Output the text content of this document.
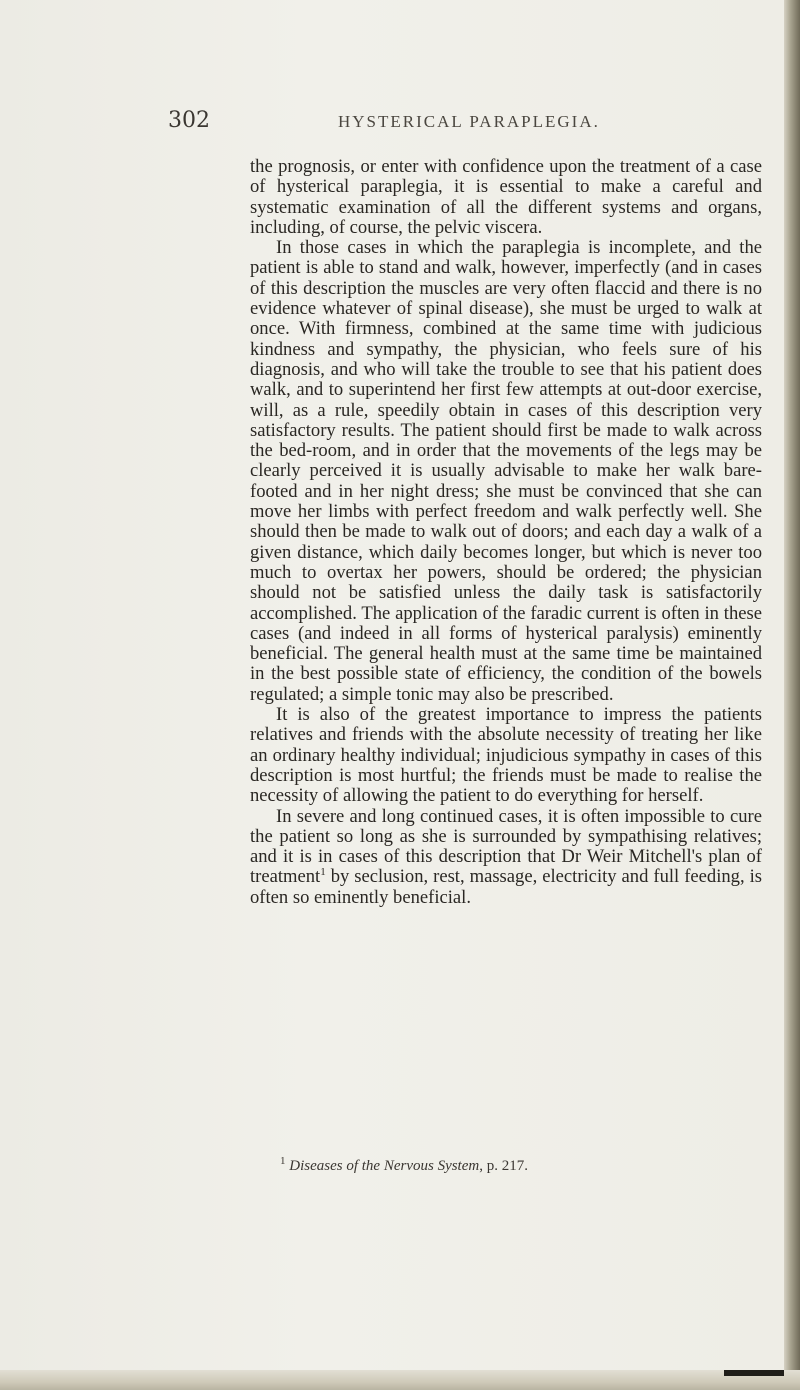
302	HYSTERICAL PARAPLEGIA.

the prognosis, or enter with confidence upon the treatment of a case of hysterical paraplegia, it is essential to make a careful and systematic examination of all the different systems and organs, including, of course, the pelvic viscera.

In those cases in which the paraplegia is incomplete, and the patient is able to stand and walk, however, imperfectly (and in cases of this description the muscles are very often flaccid and there is no evidence whatever of spinal disease), she must be urged to walk at once. With firmness, combined at the same time with judicious kindness and sympathy, the physician, who feels sure of his diagnosis, and who will take the trouble to see that his patient does walk, and to superintend her first few attempts at out-door exercise, will, as a rule, speedily obtain in cases of this description very satisfactory results. The patient should first be made to walk across the bed-room, and in order that the movements of the legs may be clearly perceived it is usually advisable to make her walk bare-footed and in her night dress; she must be convinced that she can move her limbs with perfect freedom and walk perfectly well. She should then be made to walk out of doors; and each day a walk of a given distance, which daily becomes longer, but which is never too much to overtax her powers, should be ordered; the physician should not be satisfied unless the daily task is satisfactorily accomplished. The application of the faradic current is often in these cases (and indeed in all forms of hysterical paralysis) eminently beneficial. The general health must at the same time be maintained in the best possible state of efficiency, the condition of the bowels regulated; a simple tonic may also be prescribed.

It is also of the greatest importance to impress the patients relatives and friends with the absolute necessity of treating her like an ordinary healthy individual; injudicious sympathy in cases of this description is most hurtful; the friends must be made to realise the necessity of allowing the patient to do everything for herself.

In severe and long continued cases, it is often impossible to cure the patient so long as she is surrounded by sympathising relatives; and it is in cases of this description that Dr Weir Mitchell's plan of treatment$^1$ by seclusion, rest, massage, electricity and full feeding, is often so eminently beneficial.

$^1$ Diseases of the Nervous System, p. 217.
